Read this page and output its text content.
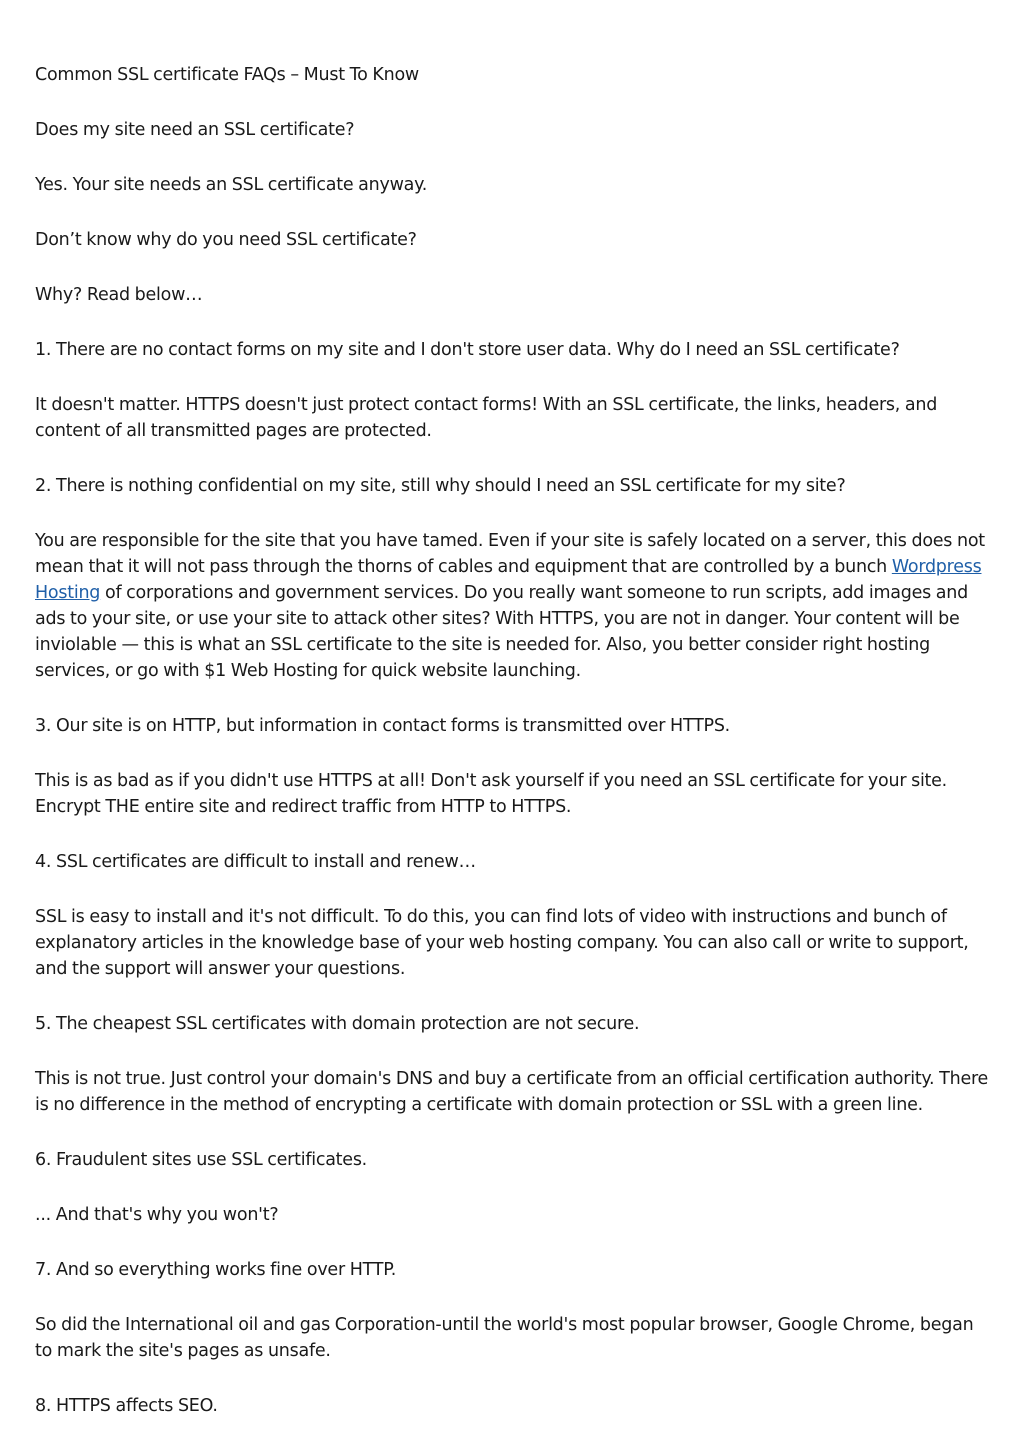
Common SSL certificate FAQs – Must To Know

Does my site need an SSL certificate?

Yes. Your site needs an SSL certificate anyway.

Don’t know why do you need SSL certificate?

Why? Read below…

1. There are no contact forms on my site and I don't store user data. Why do I need an SSL certificate?

It doesn't matter. HTTPS doesn't just protect contact forms! With an SSL certificate, the links, headers, and content of all transmitted pages are protected.

2. There is nothing confidential on my site, still why should I need an SSL certificate for my site?

You are responsible for the site that you have tamed. Even if your site is safely located on a server, this does not mean that it will not pass through the thorns of cables and equipment that are controlled by a bunch Wordpress Hosting of corporations and government services. Do you really want someone to run scripts, add images and ads to your site, or use your site to attack other sites? With HTTPS, you are not in danger. Your content will be inviolable — this is what an SSL certificate to the site is needed for. Also, you better consider right hosting services, or go with $1 Web Hosting for quick website launching.

3. Our site is on HTTP, but information in contact forms is transmitted over HTTPS.

This is as bad as if you didn't use HTTPS at all! Don't ask yourself if you need an SSL certificate for your site. Encrypt THE entire site and redirect traffic from HTTP to HTTPS.

4. SSL certificates are difficult to install and renew…

SSL is easy to install and it's not difficult. To do this, you can find lots of video with instructions and bunch of explanatory articles in the knowledge base of your web hosting company. You can also call or write to support, and the support will answer your questions.

5. The cheapest SSL certificates with domain protection are not secure.

This is not true. Just control your domain's DNS and buy a certificate from an official certification authority. There is no difference in the method of encrypting a certificate with domain protection or SSL with a green line.

6. Fraudulent sites use SSL certificates.

... And that's why you won't?

7. And so everything works fine over HTTP.

So did the International oil and gas Corporation-until the world's most popular browser, Google Chrome, began to mark the site's pages as unsafe.

8. HTTPS affects SEO.
